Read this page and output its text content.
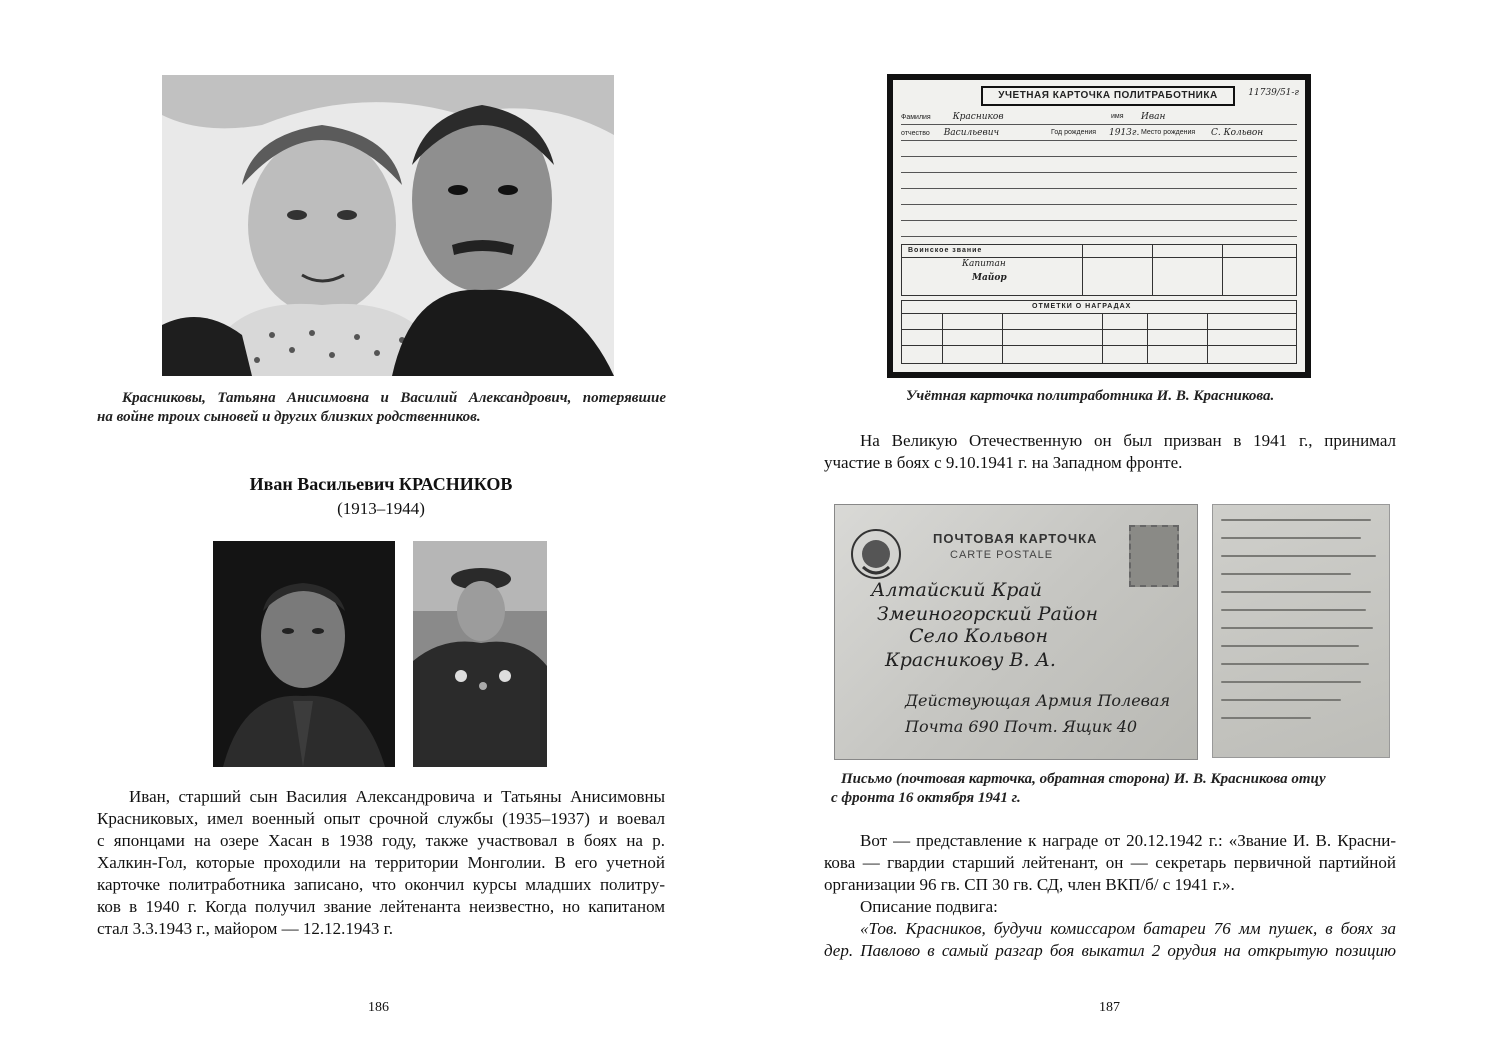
Красниковы, Татьяна Анисимовна и Василий Александрович, потерявшие
на войне троих сыновей и других близких родственников.
Иван Васильевич КРАСНИКОВ
(1913–1944)

Иван, старший сын Василия Александровича и Татьяны Анисимовны
Красниковых, имел военный опыт срочной службы (1935–1937) и воевал
с японцами на озере Хасан в 1938 году, также участвовал в боях на р.
Халкин-Гол, которые проходили на территории Монголии. В его учетной
карточке политработника записано, что окончил курсы младших политру-
ков в 1940 г. Когда получил звание лейтенанта неизвестно, но капитаном
стал 3.3.1943 г., майором — 12.12.1943 г.

186
УЧЕТНАЯ КАРТОЧКА ПОЛИТРАБОТНИКА	11739/51-г
Фамилия Красников	имя Иван
отчество Васильевич	Год рождения 1913г. Место рождения С. Кольвон
Воинское звание
Капитан
Майор
ОТМЕТКИ О НАГРАДАХ
Учётная карточка политработника И. В. Красникова.

На Великую Отечественную он был призван в 1941 г., принимал
участие в боях с 9.10.1941 г. на Западном фронте.

ПОЧТОВАЯ КАРТОЧКА
CARTE POSTALE
Алтайский Край
Змеиногорский Район
Село Кольвон
Красникову В. А.
Действующая Армия Полевая
Почта 690 Почт. Ящик 40
Письмо (почтовая карточка, обратная сторона) И. В. Красникова отцу
с фронта 16 октября 1941 г.

Вот — представление к награде от 20.12.1942 г.: «Звание И. В. Красни-
кова — гвардии старший лейтенант, он — секретарь первичной партийной
организации 96 гв. СП 30 гв. СД, член ВКП/б/ с 1941 г.».
Описание подвига:
«Тов. Красников, будучи комиссаром батареи 76 мм пушек, в боях за
дер. Павлово в самый разгар боя выкатил 2 орудия на открытую позицию

187
